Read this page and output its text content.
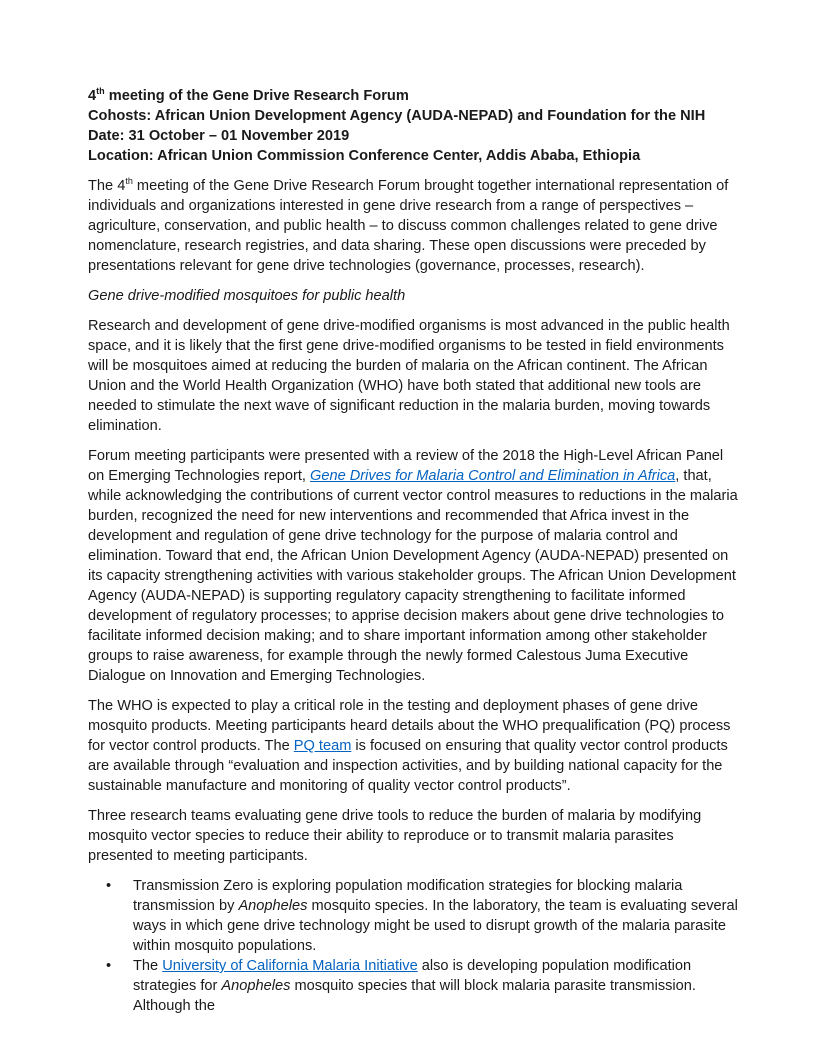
4th meeting of the Gene Drive Research Forum

Cohosts: African Union Development Agency (AUDA-NEPAD) and Foundation for the NIH

Date: 31 October – 01 November 2019

Location: African Union Commission Conference Center, Addis Ababa, Ethiopia

The 4th meeting of the Gene Drive Research Forum brought together international representation of individuals and organizations interested in gene drive research from a range of perspectives – agriculture, conservation, and public health – to discuss common challenges related to gene drive nomenclature, research registries, and data sharing. These open discussions were preceded by presentations relevant for gene drive technologies (governance, processes, research).

Gene drive-modified mosquitoes for public health

Research and development of gene drive-modified organisms is most advanced in the public health space, and it is likely that the first gene drive-modified organisms to be tested in field environments will be mosquitoes aimed at reducing the burden of malaria on the African continent. The African Union and the World Health Organization (WHO) have both stated that additional new tools are needed to stimulate the next wave of significant reduction in the malaria burden, moving towards elimination.

Forum meeting participants were presented with a review of the 2018 the High-Level African Panel on Emerging Technologies report, Gene Drives for Malaria Control and Elimination in Africa, that, while acknowledging the contributions of current vector control measures to reductions in the malaria burden, recognized the need for new interventions and recommended that Africa invest in the development and regulation of gene drive technology for the purpose of malaria control and elimination. Toward that end, the African Union Development Agency (AUDA-NEPAD) presented on its capacity strengthening activities with various stakeholder groups. The African Union Development Agency (AUDA-NEPAD) is supporting regulatory capacity strengthening to facilitate informed development of regulatory processes; to apprise decision makers about gene drive technologies to facilitate informed decision making; and to share important information among other stakeholder groups to raise awareness, for example through the newly formed Calestous Juma Executive Dialogue on Innovation and Emerging Technologies.

The WHO is expected to play a critical role in the testing and deployment phases of gene drive mosquito products. Meeting participants heard details about the WHO prequalification (PQ) process for vector control products. The PQ team is focused on ensuring that quality vector control products are available through “evaluation and inspection activities, and by building national capacity for the sustainable manufacture and monitoring of quality vector control products”.

Three research teams evaluating gene drive tools to reduce the burden of malaria by modifying mosquito vector species to reduce their ability to reproduce or to transmit malaria parasites presented to meeting participants.

• Transmission Zero is exploring population modification strategies for blocking malaria transmission by Anopheles mosquito species. In the laboratory, the team is evaluating several ways in which gene drive technology might be used to disrupt growth of the malaria parasite within mosquito populations.
• The University of California Malaria Initiative also is developing population modification strategies for Anopheles mosquito species that will block malaria parasite transmission. Although the
